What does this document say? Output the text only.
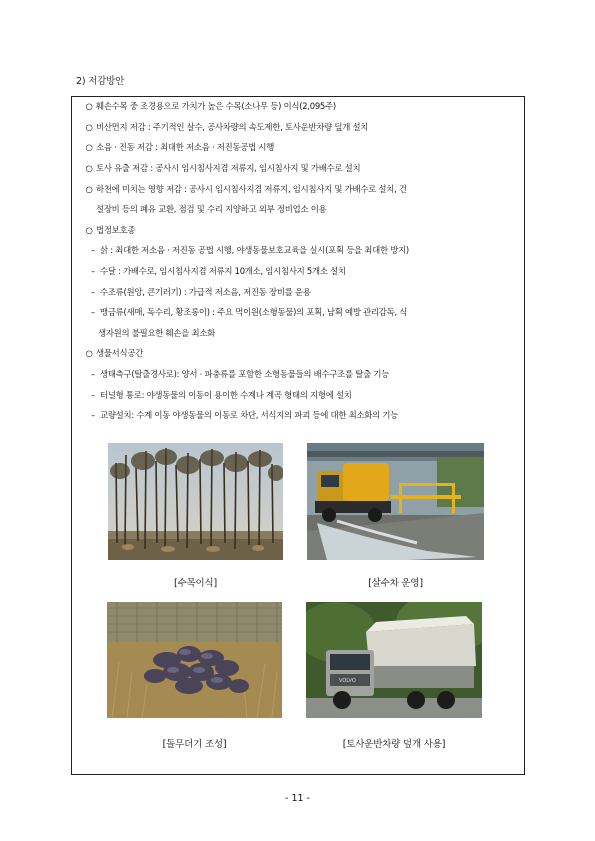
2) 저감방안
○ 훼손수목 중 조경용으로 가치가 높은 수목(소나무 등) 이식(2,095주)
○ 비산먼지 저감 : 주기적인 살수, 공사차량의 속도제한, 토사운반차량 덮개 설치
○ 소음 · 진동 저감 : 최대한 저소음 · 저진동공법 시행
○ 토사 유출 저감 : 공사시 임시침사지겸 저류지, 임시침사지 및 가배수로 설치
○ 하천에 미치는 영향 저감 : 공사시 임시침사지겸 저류지, 임시침사지 및 가배수로 설치, 건
설장비 등의 폐유 교환, 점검 및 수리 지양하고 외부 정비업소 이용
○ 법정보호종
– 삵 : 최대한 저소음 · 저진동 공법 시행, 야생동물보호교육을 실시(포획 등을 최대한 방지)
– 수달 : 가배수로, 임시침사지겸 저류지 10개소, 임시침사지 5개소 설치
– 수조류(원앙, 큰기러기) : 가급적 저소음, 저진동 장비를 운용
– 맹금류(새매, 독수리, 황조롱이) : 주요 먹이원(소형동물)의 포획, 남획 예방 관리감독, 식
생자원의 불필요한 훼손을 최소화
○ 생물서식공간
– 생태측구(탈출경사로): 양서 · 파충류를 포함한 소형동물들의 배수구조를 탈출 기능
– 터널형 통로: 야생동물의 이동이 용이한 수계나 계곡 형태의 지형에 설치
– 교량설치: 수계 이동 야생동물의 이동로 차단, 서식지의 파괴 등에 대한 최소화의 기능
[수목이식]	[살수차 운영]
VOLVO
[돌무더기 조성]	[토사운반차량 덮개 사용]
- 11 -
